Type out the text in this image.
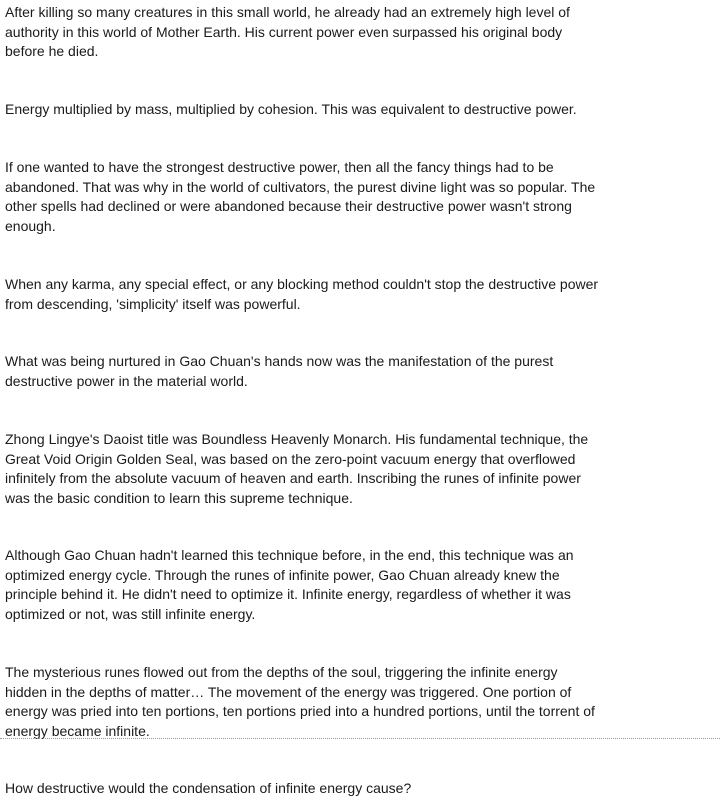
After killing so many creatures in this small world, he already had an extremely high level of
authority in this world of Mother Earth. His current power even surpassed his original body
before he died.

Energy multiplied by mass, multiplied by cohesion. This was equivalent to destructive power.

If one wanted to have the strongest destructive power, then all the fancy things had to be
abandoned. That was why in the world of cultivators, the purest divine light was so popular. The
other spells had declined or were abandoned because their destructive power wasn't strong
enough.

When any karma, any special effect, or any blocking method couldn't stop the destructive power
from descending, 'simplicity' itself was powerful.

What was being nurtured in Gao Chuan's hands now was the manifestation of the purest
destructive power in the material world.

Zhong Lingye's Daoist title was Boundless Heavenly Monarch. His fundamental technique, the
Great Void Origin Golden Seal, was based on the zero-point vacuum energy that overflowed
infinitely from the absolute vacuum of heaven and earth. Inscribing the runes of infinite power
was the basic condition to learn this supreme technique.

Although Gao Chuan hadn't learned this technique before, in the end, this technique was an
optimized energy cycle. Through the runes of infinite power, Gao Chuan already knew the
principle behind it. He didn't need to optimize it. Infinite energy, regardless of whether it was
optimized or not, was still infinite energy.

The mysterious runes flowed out from the depths of the soul, triggering the infinite energy
hidden in the depths of matter… The movement of the energy was triggered. One portion of
energy was pried into ten portions, ten portions pried into a hundred portions, until the torrent of
energy became infinite.

How destructive would the condensation of infinite energy cause?
